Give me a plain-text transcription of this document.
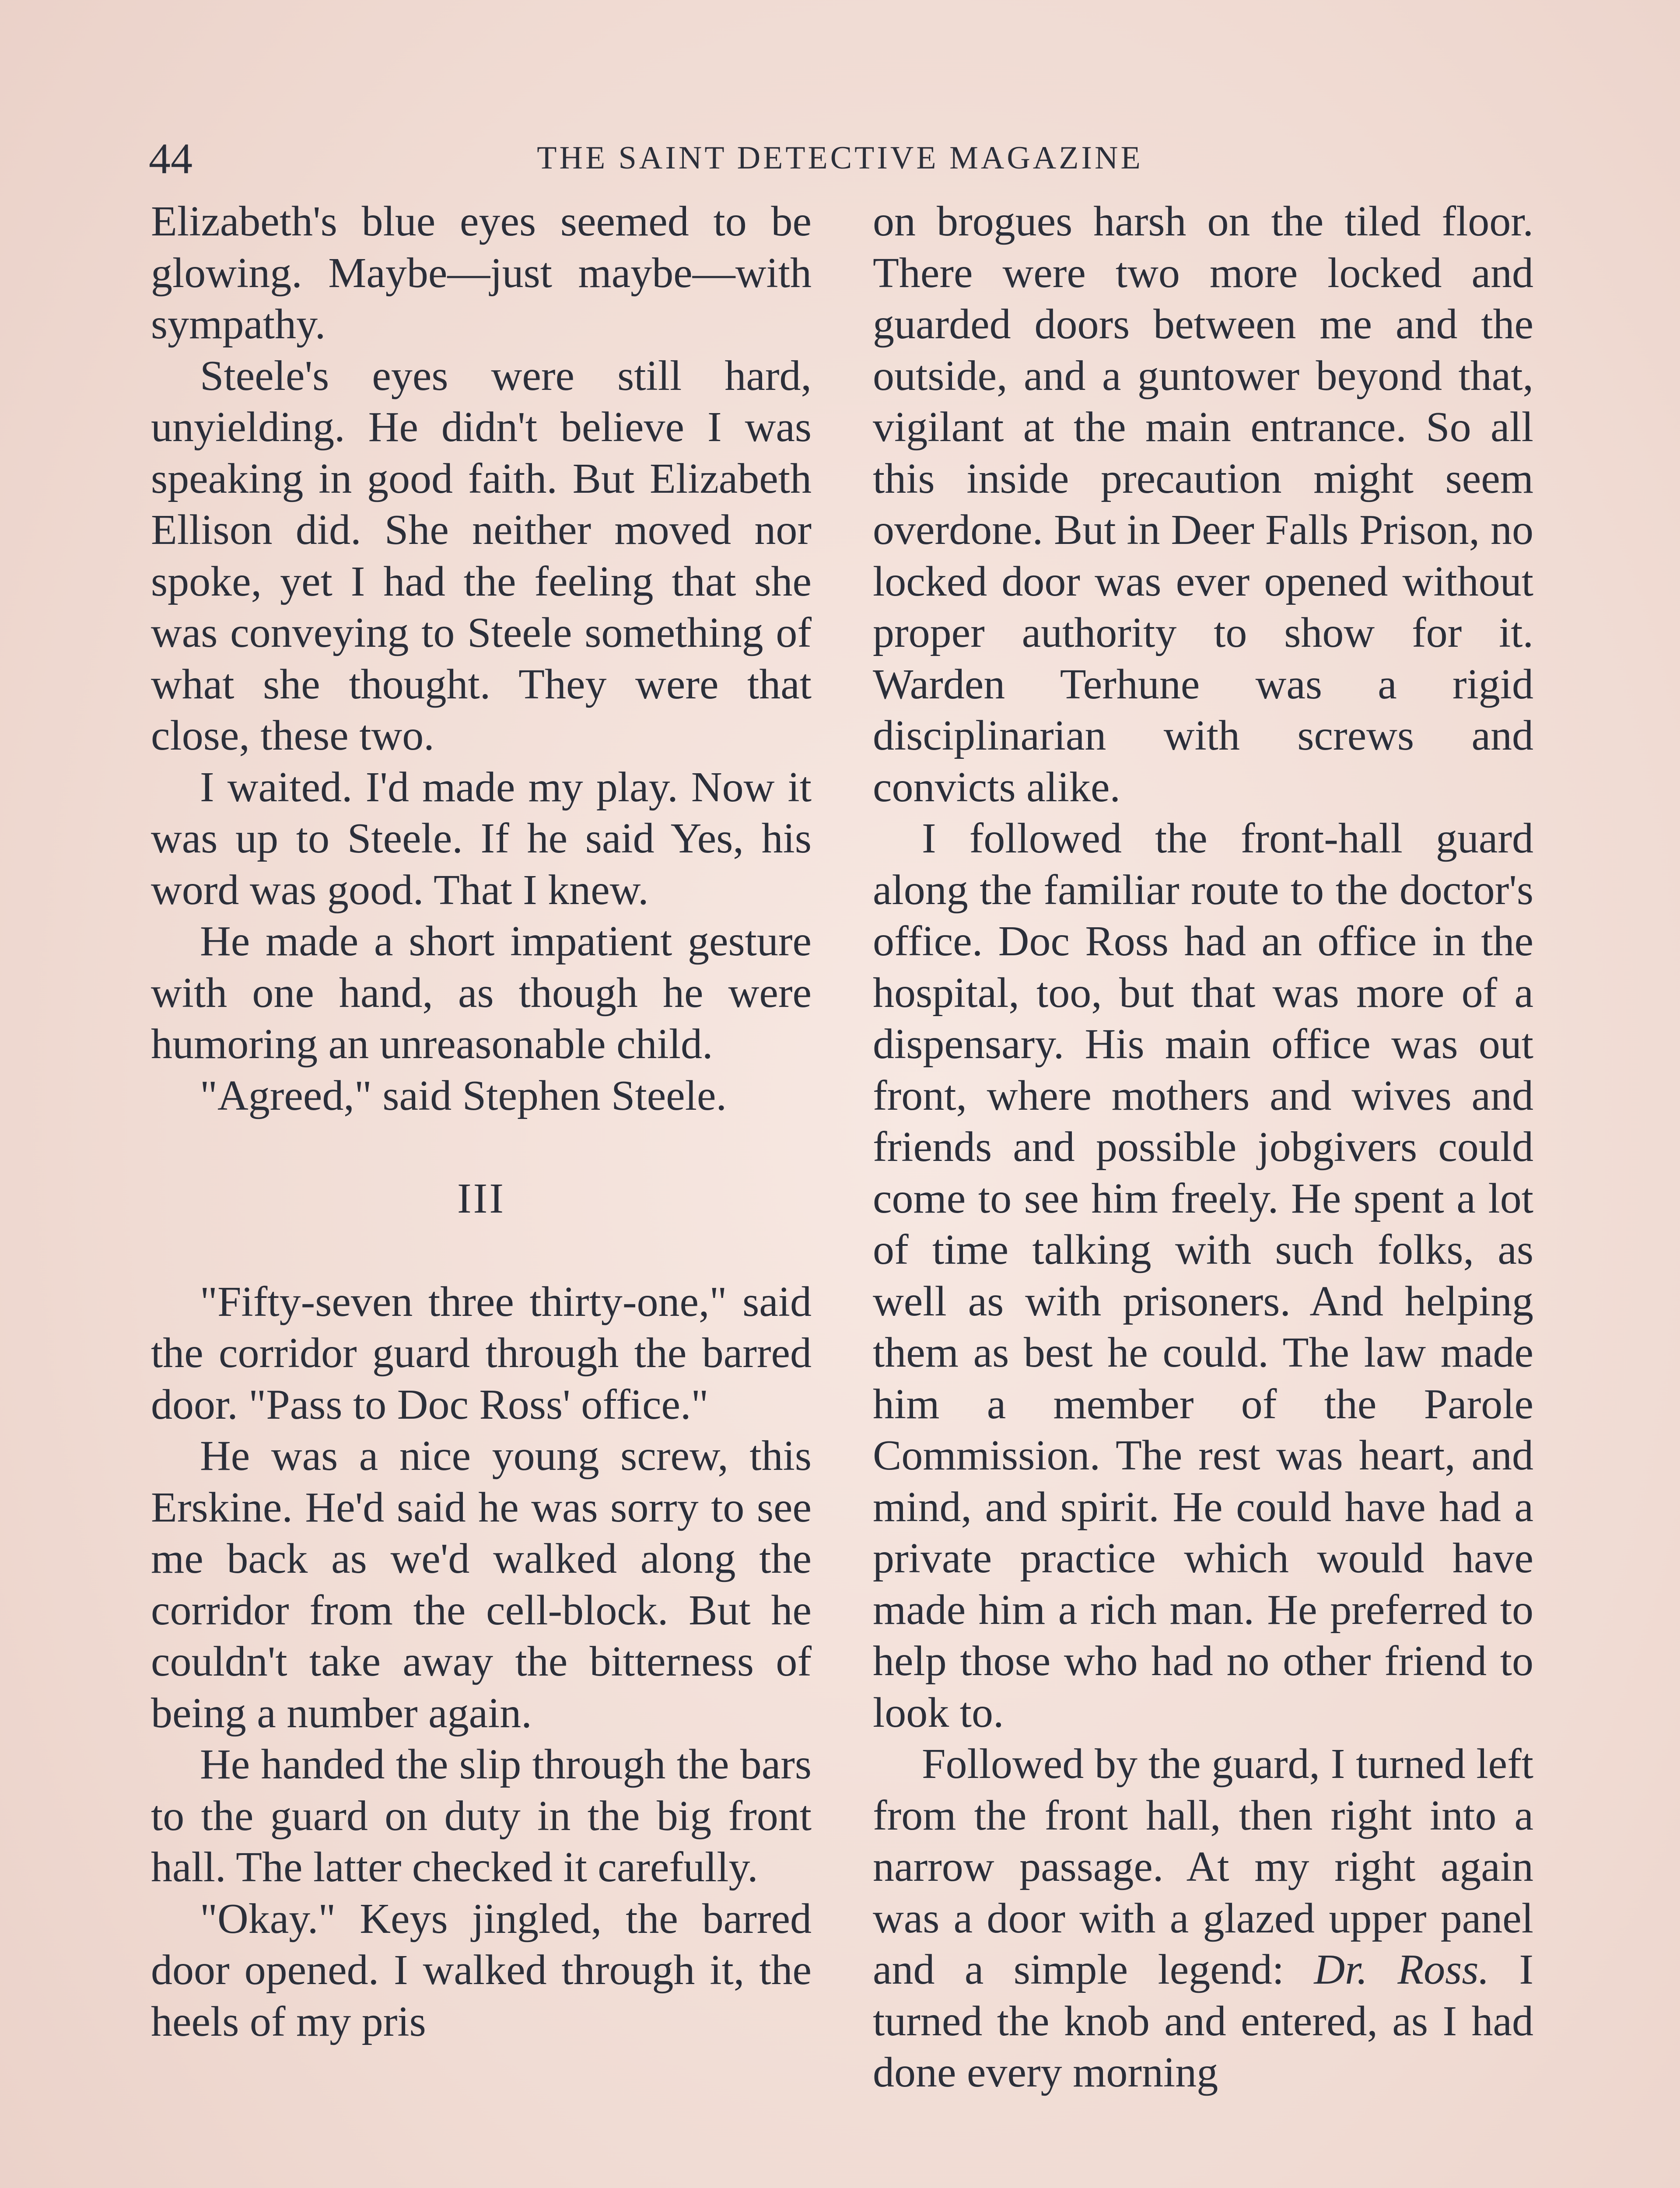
44	THE SAINT DETECTIVE MAGAZINE

Elizabeth's blue eyes seemed to be glowing. Maybe—just maybe—with sympathy.

Steele's eyes were still hard, unyielding. He didn't believe I was speaking in good faith. But Elizabeth Ellison did. She neither moved nor spoke, yet I had the feeling that she was conveying to Steele something of what she thought. They were that close, these two.

I waited. I'd made my play. Now it was up to Steele. If he said Yes, his word was good. That I knew.

He made a short impatient gesture with one hand, as though he were humoring an unreasonable child.

"Agreed," said Stephen Steele.

III

"Fifty-seven three thirty-one," said the corridor guard through the barred door. "Pass to Doc Ross' office."

He was a nice young screw, this Erskine. He'd said he was sorry to see me back as we'd walked along the corridor from the cell-block. But he couldn't take away the bitterness of being a number again.

He handed the slip through the bars to the guard on duty in the big front hall. The latter checked it carefully.

"Okay." Keys jingled, the barred door opened. I walked through it, the heels of my pris

on brogues harsh on the tiled floor. There were two more locked and guarded doors between me and the outside, and a guntower beyond that, vigilant at the main entrance. So all this inside precaution might seem overdone. But in Deer Falls Prison, no locked door was ever opened without proper authority to show for it. Warden Terhune was a rigid disciplinarian with screws and convicts alike.

I followed the front-hall guard along the familiar route to the doctor's office. Doc Ross had an office in the hospital, too, but that was more of a dispensary. His main office was out front, where mothers and wives and friends and possible jobgivers could come to see him freely. He spent a lot of time talking with such folks, as well as with prisoners. And helping them as best he could. The law made him a member of the Parole Commission. The rest was heart, and mind, and spirit. He could have had a private practice which would have made him a rich man. He preferred to help those who had no other friend to look to.

Followed by the guard, I turned left from the front hall, then right into a narrow passage. At my right again was a door with a glazed upper panel and a simple legend: Dr. Ross. I turned the knob and entered, as I had done every morning
